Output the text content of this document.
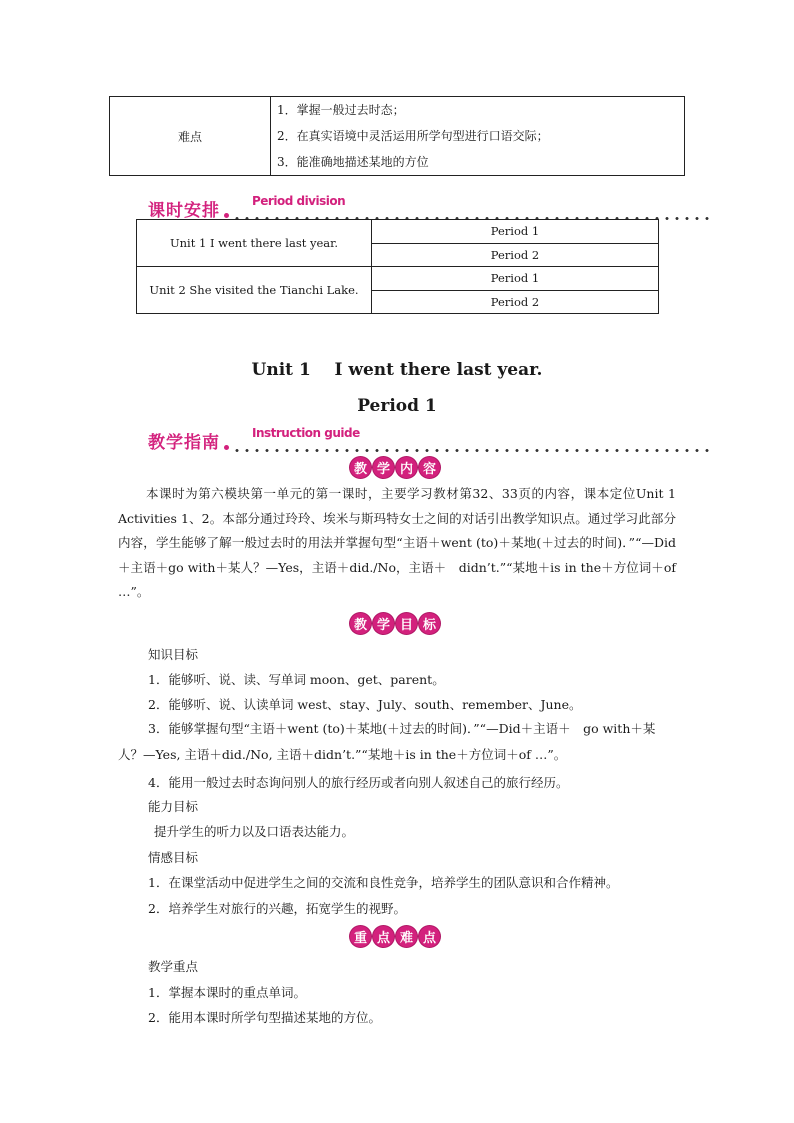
难点	
1．掌握一般过去时态；
2．在真实语境中灵活运用所学句型进行口语交际；
3．能准确地描述某地的方位
课时安排	Period division
Unit 1 I went there last year.	Period 1
	Period 2
Unit 2 She visited the Tianchi Lake.	Period 1
	Period 2
Unit 1    I went there last year.
Period 1
教学指南	Instruction guide
教 学 内 容

本课时为第六模块第一单元的第一课时，主要学习教材第32、33页的内容，课本定位Unit 1 Activities 1、2。本部分通过玲玲、埃米与斯玛特女士之间的对话引出教学知识点。通过学习此部分内容，学生能够了解一般过去时的用法并掌握句型“主语＋went (to)＋某地(＋过去的时间)．”“—Did　＋主语＋go with＋某人？—Yes，主语＋did./No，主语＋　didn’t.”“某地＋is in the＋方位词＋of …”。

教 学 目 标
知识目标
1．能够听、说、读、写单词 moon、get、parent。
2．能够听、说、认读单词 west、stay、July、south、remember、June。

3．能够掌握句型“主语＋went (to)＋某地(＋过去的时间)．”“—Did＋主语＋　go with＋某人？—Yes, 主语＋did./No, 主语＋didn’t.”“某地＋is in the＋方位词＋of …”。

4．能用一般过去时态询问别人的旅行经历或者向别人叙述自己的旅行经历。
能力目标
提升学生的听力以及口语表达能力。
情感目标
1．在课堂活动中促进学生之间的交流和良性竞争，培养学生的团队意识和合作精神。
2．培养学生对旅行的兴趣，拓宽学生的视野。
重 点 难 点
教学重点
1．掌握本课时的重点单词。
2．能用本课时所学句型描述某地的方位。
